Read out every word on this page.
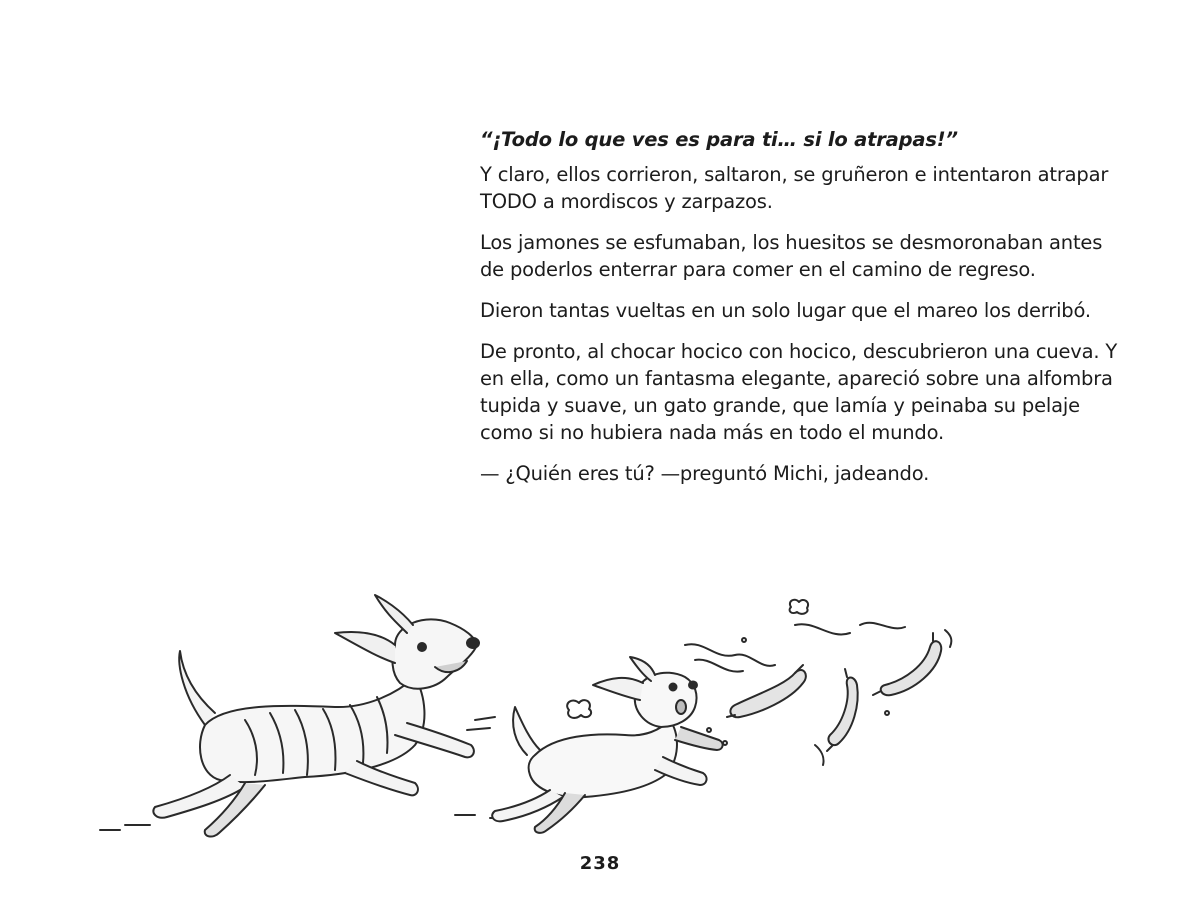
“¡Todo lo que ves es para ti… si lo atrapas!”

Y claro, ellos corrieron, saltaron, se gruñeron e intentaron atrapar TODO a mordiscos y zarpazos.

Los jamones se esfumaban, los huesitos se desmoronaban antes de poderlos enterrar para comer en el camino de regreso.

Dieron tantas vueltas en un solo lugar que el mareo los derribó.

De pronto, al chocar hocico con hocico, descubrieron una cueva. Y en ella, como un fantasma elegante, apareció sobre una alfombra tupida y suave, un gato grande, que lamía y peinaba su pelaje como si no hubiera nada más en todo el mundo.

— ¿Quién eres tú? —preguntó Michi, jadeando.

238
